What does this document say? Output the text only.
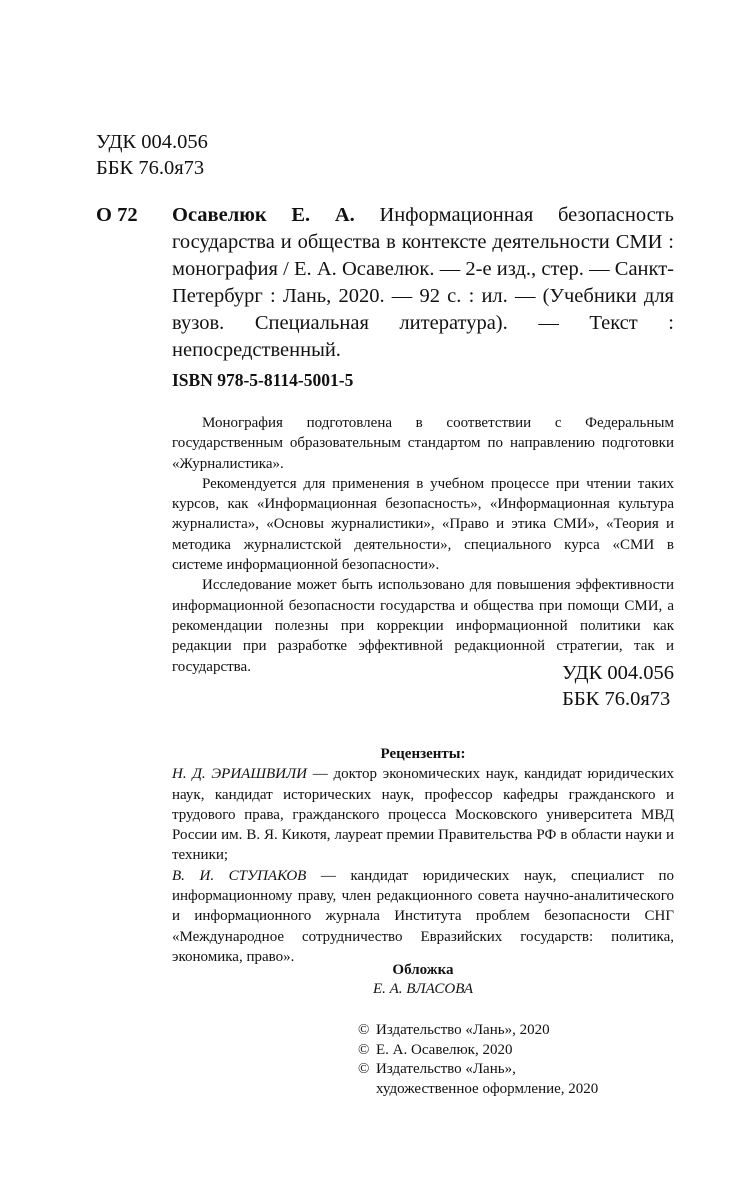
УДК 004.056
ББК 76.0я73
О 72 Осавелюк Е. А. Информационная безопасность государства и общества в контексте деятельности СМИ : монография / Е. А. Осавелюк. — 2-е изд., стер. — Санкт-Петербург : Лань, 2020. — 92 с. : ил. — (Учебники для вузов. Специальная литература). — Текст : непосредственный.
ISBN 978-5-8114-5001-5

Монография подготовлена в соответствии с Федеральным государственным образовательным стандартом по направлению подготовки «Журналистика».

Рекомендуется для применения в учебном процессе при чтении таких курсов, как «Информационная безопасность», «Информационная культура журналиста», «Основы журналистики», «Право и этика СМИ», «Теория и методика журналистской деятельности», специального курса «СМИ в системе информационной безопасности».

Исследование может быть использовано для повышения эффективности информационной безопасности государства и общества при помощи СМИ, а рекомендации полезны при коррекции информационной политики как редакции при разработке эффективной редакционной стратегии, так и государства.	УДК 004.056
ББК 76.0я73
Рецензенты:

Н. Д. ЭРИАШВИЛИ — доктор экономических наук, кандидат юридических наук, кандидат исторических наук, профессор кафедры гражданского и трудового права, гражданского процесса Московского университета МВД России им. В. Я. Кикотя, лауреат премии Правительства РФ в области науки и техники;

В. И. СТУПАКОВ — кандидат юридических наук, специалист по информационному праву, член редакционного совета научно-аналитического и информационного журнала Института проблем безопасности СНГ «Международное сотрудничество Евразийских государств: политика, экономика, право».

Обложка
Е. А. ВЛАСОВА
© Издательство «Лань», 2020
© Е. А. Осавелюк, 2020
© Издательство «Лань»,
художественное оформление, 2020
